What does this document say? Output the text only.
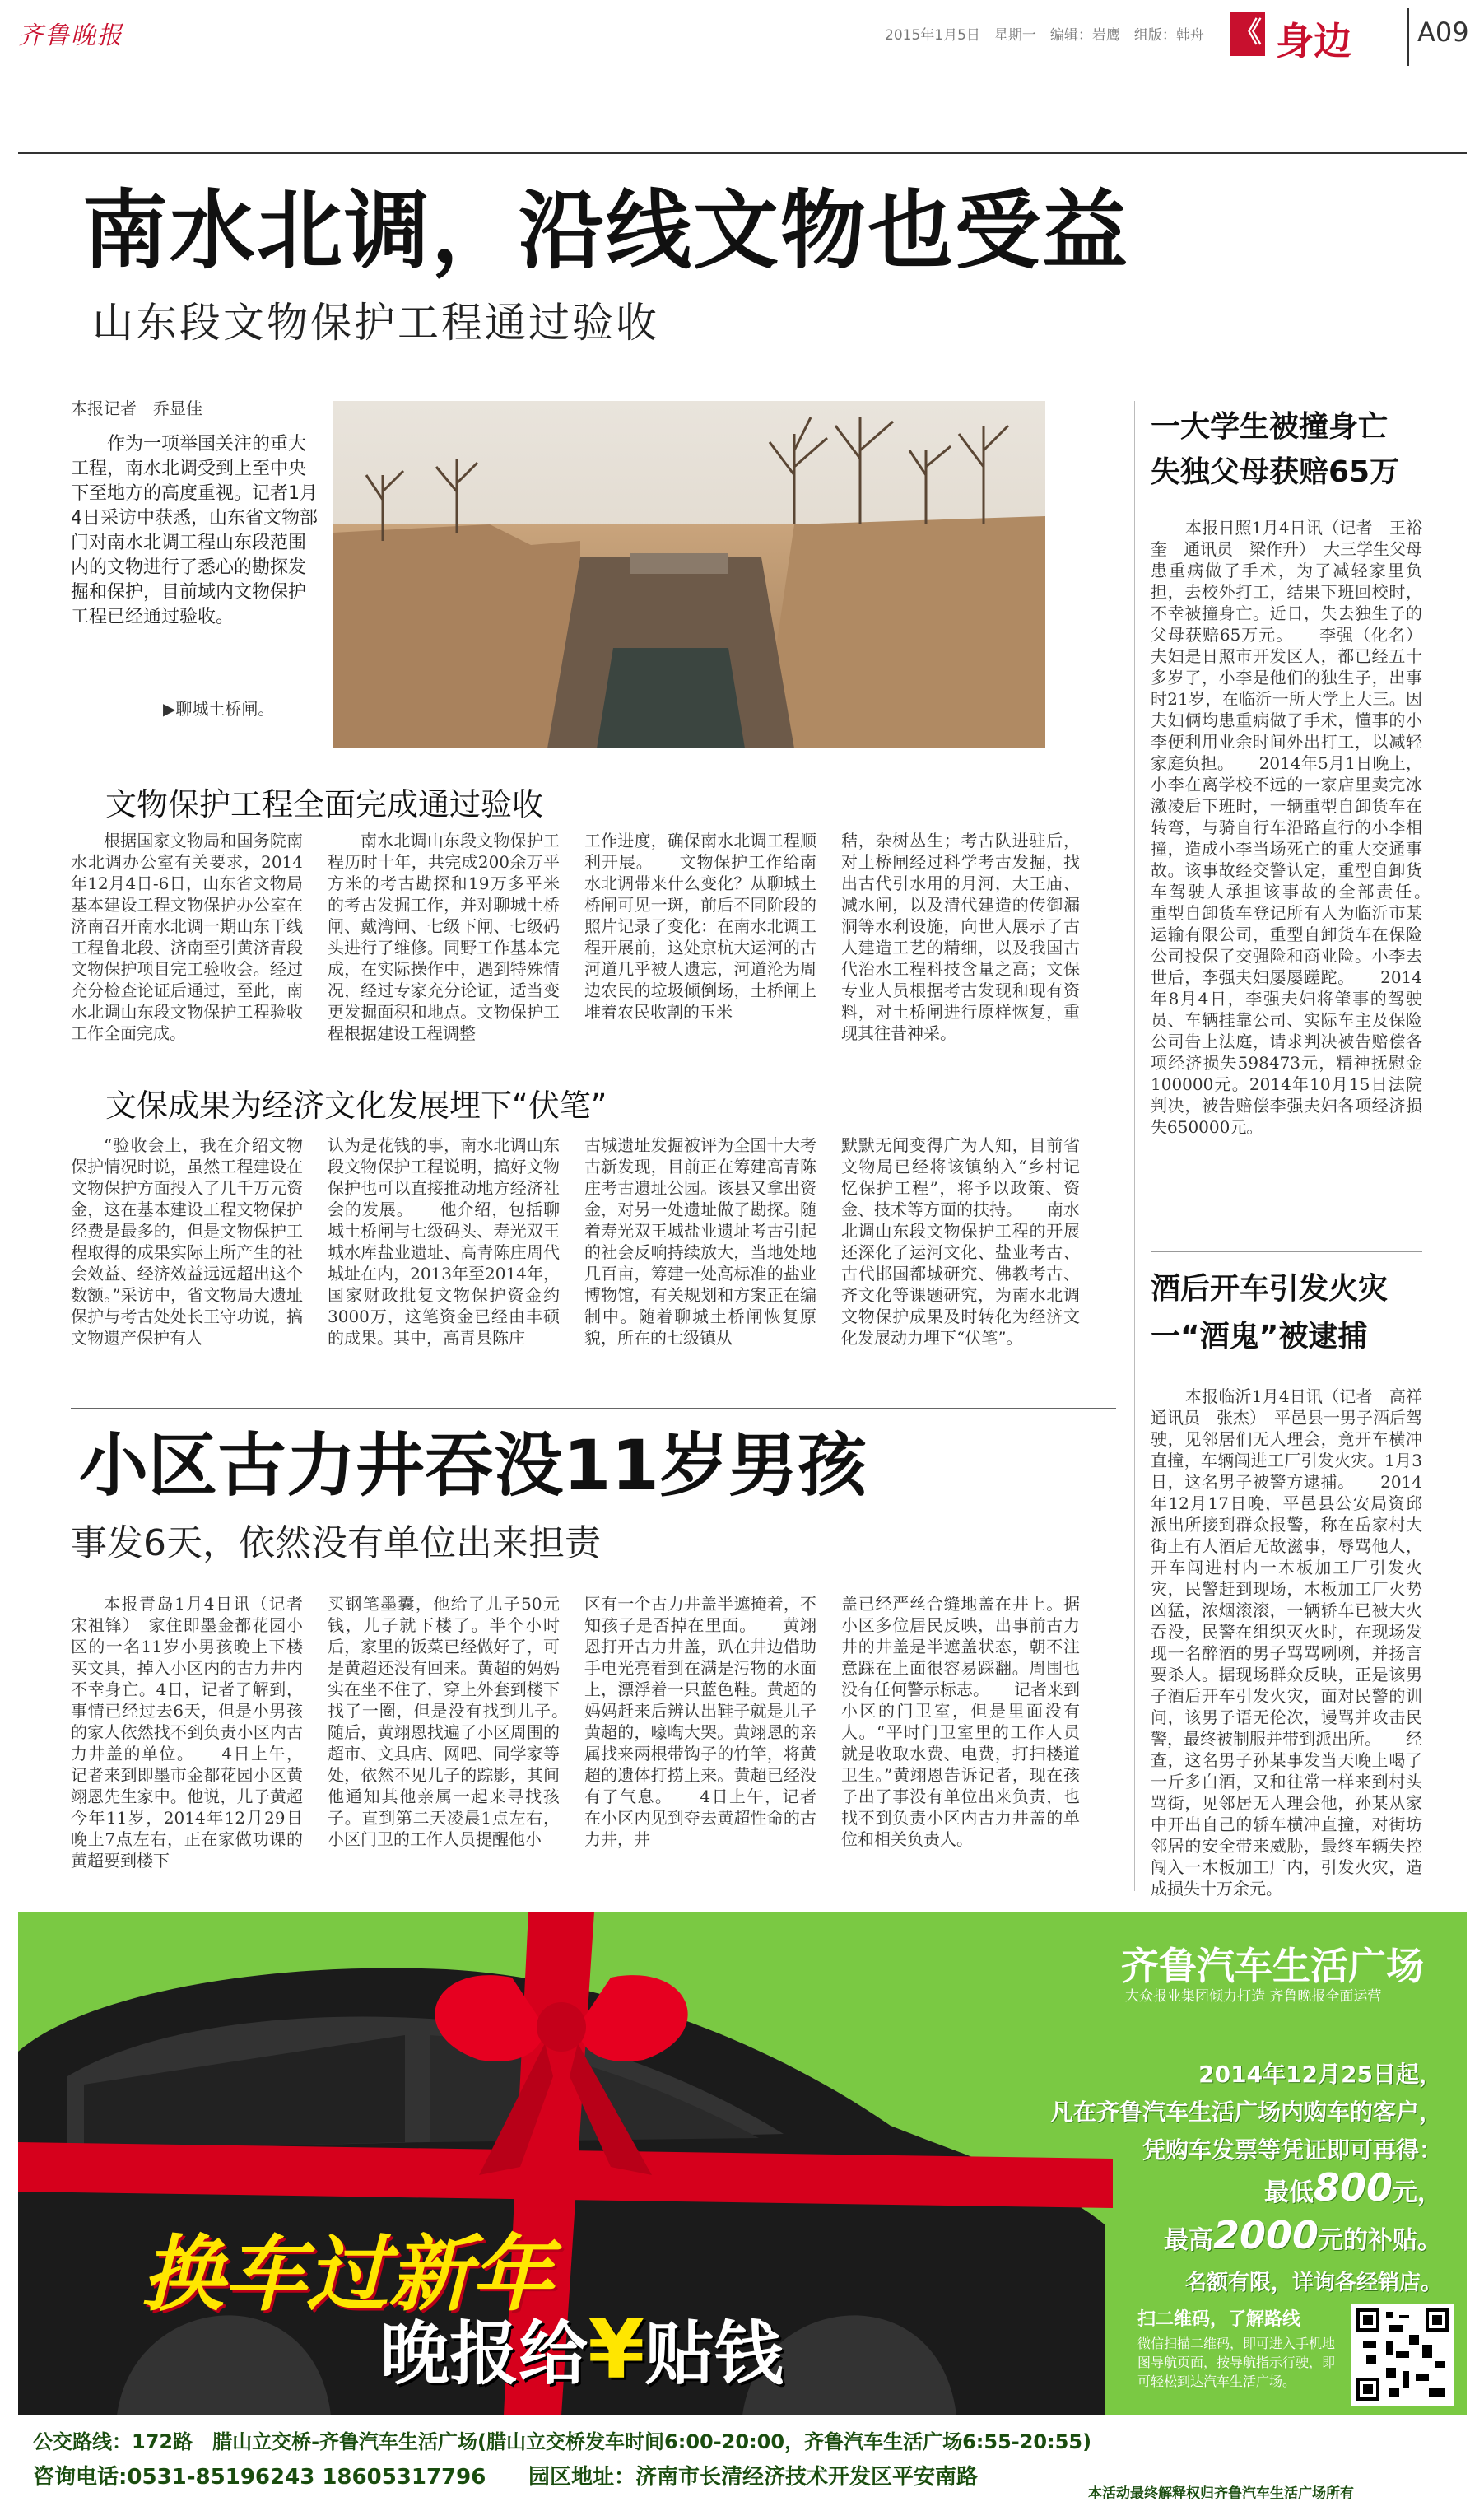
齐鲁晚报	2015年1月5日　星期一　编辑：岩鹰　组版：韩舟 《 身边	A09
南水北调，沿线文物也受益
山东段文物保护工程通过验收
本报记者　乔显佳
作为一项举国关注的重大工程，南水北调受到上至中央下至地方的高度重视。记者1月4日采访中获悉，山东省文物部门对南水北调工程山东段范围内的文物进行了悉心的勘探发掘和保护，目前域内文物保护工程已经通过验收。
▶聊城土桥闸。
一大学生被撞身亡
失独父母获赔65万
本报日照1月4日讯（记者　王裕奎　通讯员　梁作升）　大三学生父母患重病做了手术，为了减轻家里负担，去校外打工，结果下班回校时，不幸被撞身亡。近日，失去独生子的父母获赔65万元。　　李强（化名）夫妇是日照市开发区人，都已经五十多岁了，小李是他们的独生子，出事时21岁，在临沂一所大学上大三。因夫妇俩均患重病做了手术，懂事的小李便利用业余时间外出打工，以减轻家庭负担。　　2014年5月1日晚上，小李在离学校不远的一家店里卖完冰激凌后下班时，一辆重型自卸货车在转弯，与骑自行车沿路直行的小李相撞，造成小李当场死亡的重大交通事故。该事故经交警认定，重型自卸货车驾驶人承担该事故的全部责任。　　重型自卸货车登记所有人为临沂市某运输有限公司，重型自卸货车在保险公司投保了交强险和商业险。小李去世后，李强夫妇屡屡蹉跎。　　2014年8月4日，李强夫妇将肇事的驾驶员、车辆挂靠公司、实际车主及保险公司告上法庭，请求判决被告赔偿各项经济损失598473元，精神抚慰金100000元。2014年10月15日法院判决，被告赔偿李强夫妇各项经济损失650000元。
酒后开车引发火灾
一“酒鬼”被逮捕
本报临沂1月4日讯（记者　高祥　通讯员　张杰）　平邑县一男子酒后驾驶，见邻居们无人理会，竟开车横冲直撞，车辆闯进工厂引发火灾。1月3日，这名男子被警方逮捕。　　2014年12月17日晚，平邑县公安局资邱派出所接到群众报警，称在岳家村大街上有人酒后无故滋事，辱骂他人，开车闯进村内一木板加工厂引发火灾，民警赶到现场，木板加工厂火势凶猛，浓烟滚滚，一辆轿车已被大火吞没，民警在组织灭火时，在现场发现一名醉酒的男子骂骂咧咧，并扬言要杀人。据现场群众反映，正是该男子酒后开车引发火灾，面对民警的训问，该男子语无伦次，谩骂并攻击民警，最终被制服并带到派出所。　　经查，这名男子孙某事发当天晚上喝了一斤多白酒，又和往常一样来到村头骂街，见邻居无人理会他，孙某从家中开出自己的轿车横冲直撞，对街坊邻居的安全带来威胁，最终车辆失控闯入一木板加工厂内，引发火灾，造成损失十万余元。
文物保护工程全面完成通过验收
根据国家文物局和国务院南水北调办公室有关要求，2014年12月4日-6日，山东省文物局基本建设工程文物保护办公室在济南召开南水北调一期山东干线工程鲁北段、济南至引黄济青段文物保护项目完工验收会。经过充分检查论证后通过，至此，南水北调山东段文物保护工程验收工作全面完成。
南水北调山东段文物保护工程历时十年，共完成200余万平方米的考古勘探和19万多平米的考古发掘工作，并对聊城土桥闸、戴湾闸、七级下闸、七级码头进行了维修。同野工作基本完成，在实际操作中，遇到特殊情况，经过专家充分论证，适当变更发掘面积和地点。文物保护工程根据建设工程调整
工作进度，确保南水北调工程顺利开展。　　文物保护工作给南水北调带来什么变化？从聊城土桥闸可见一斑，前后不同阶段的照片记录了变化：在南水北调工程开展前，这处京杭大运河的古河道几乎被人遗忘，河道沦为周边农民的垃圾倾倒场，土桥闸上堆着农民收割的玉米
秸，杂树丛生；考古队进驻后，对土桥闸经过科学考古发掘，找出古代引水用的月河，大王庙、减水闸，以及清代建造的传御漏洞等水利设施，向世人展示了古人建造工艺的精细，以及我国古代治水工程科技含量之高；文保专业人员根据考古发现和现有资料，对土桥闸进行原样恢复，重现其往昔神采。
文保成果为经济文化发展埋下“伏笔”
“验收会上，我在介绍文物保护情况时说，虽然工程建设在文物保护方面投入了几千万元资金，这在基本建设工程文物保护经费是最多的，但是文物保护工程取得的成果实际上所产生的社会效益、经济效益远远超出这个数额。”采访中，省文物局大遗址保护与考古处处长王守功说，搞文物遗产保护有人
认为是花钱的事，南水北调山东段文物保护工程说明，搞好文物保护也可以直接推动地方经济社会的发展。　　他介绍，包括聊城土桥闸与七级码头、寿光双王城水库盐业遗址、高青陈庄周代城址在内，2013年至2014年，国家财政批复文物保护资金约3000万，这笔资金已经由丰硕的成果。其中，高青县陈庄
古城遗址发掘被评为全国十大考古新发现，目前正在筹建高青陈庄考古遗址公园。该县又拿出资金，对另一处遗址做了勘探。随着寿光双王城盐业遗址考古引起的社会反响持续放大，当地处地几百亩，筹建一处高标准的盐业博物馆，有关规划和方案正在编制中。随着聊城土桥闸恢复原貌，所在的七级镇从
默默无闻变得广为人知，目前省文物局已经将该镇纳入“乡村记忆保护工程”，将予以政策、资金、技术等方面的扶持。　　南水北调山东段文物保护工程的开展还深化了运河文化、盐业考古、古代邯国都城研究、佛教考古、齐文化等课题研究，为南水北调文物保护成果及时转化为经济文化发展动力埋下“伏笔”。
小区古力井吞没11岁男孩
事发6天，依然没有单位出来担责
本报青岛1月4日讯（记者宋祖锋）　家住即墨金都花园小区的一名11岁小男孩晚上下楼买文具，掉入小区内的古力井内不幸身亡。4日，记者了解到，事情已经过去6天，但是小男孩的家人依然找不到负责小区内古力井盖的单位。　　4日上午，记者来到即墨市金都花园小区黄翊恩先生家中。他说，儿子黄超今年11岁，2014年12月29日晚上7点左右，正在家做功课的黄超要到楼下
买钢笔墨囊，他给了儿子50元钱，儿子就下楼了。半个小时后，家里的饭菜已经做好了，可是黄超还没有回来。黄超的妈妈实在坐不住了，穿上外套到楼下找了一圈，但是没有找到儿子。　　随后，黄翊恩找遍了小区周围的超市、文具店、网吧、同学家等处，依然不见儿子的踪影，其间他通知其他亲属一起来寻找孩子。直到第二天凌晨1点左右，小区门卫的工作人员提醒他小
区有一个古力井盖半遮掩着，不知孩子是否掉在里面。　　黄翊恩打开古力井盖，趴在井边借助手电光亮看到在满是污物的水面上，漂浮着一只蓝色鞋。黄超的妈妈赶来后辨认出鞋子就是儿子黄超的，嚎啕大哭。黄翊恩的亲属找来两根带钩子的竹竿，将黄超的遗体打捞上来。黄超已经没有了气息。　　4日上午，记者在小区内见到夺去黄超性命的古力井，井
盖已经严丝合缝地盖在井上。据小区多位居民反映，出事前古力井的井盖是半遮盖状态，朝不注意踩在上面很容易踩翻。周围也没有任何警示标志。　　记者来到小区的门卫室，但是里面没有人。“平时门卫室里的工作人员就是收取水费、电费，打扫楼道卫生。”黄翊恩告诉记者，现在孩子出了事没有单位出来负责，也找不到负责小区内古力井盖的单位和相关负责人。
换车过新年
晚报给¥贴钱
齐鲁汽车生活广场
大众报业集团倾力打造 齐鲁晚报全面运营
2014年12月25日起，
凡在齐鲁汽车生活广场内购车的客户，
凭购车发票等凭证即可再得：
最低800元，
最高2000元的补贴。
名额有限，详询各经销店。
扫二维码，了解路线
微信扫描二维码，即可进入手机地图导航页面，按导航指示行驶，即可轻松到达汽车生活广场。
公交路线：172路　腊山立交桥-齐鲁汽车生活广场(腊山立交桥发车时间6:00-20:00，齐鲁汽车生活广场6:55-20:55)
咨询电话:0531-85196243 18605317796 园区地址：济南市长清经济技术开发区平安南路
本活动最终解释权归齐鲁汽车生活广场所有
